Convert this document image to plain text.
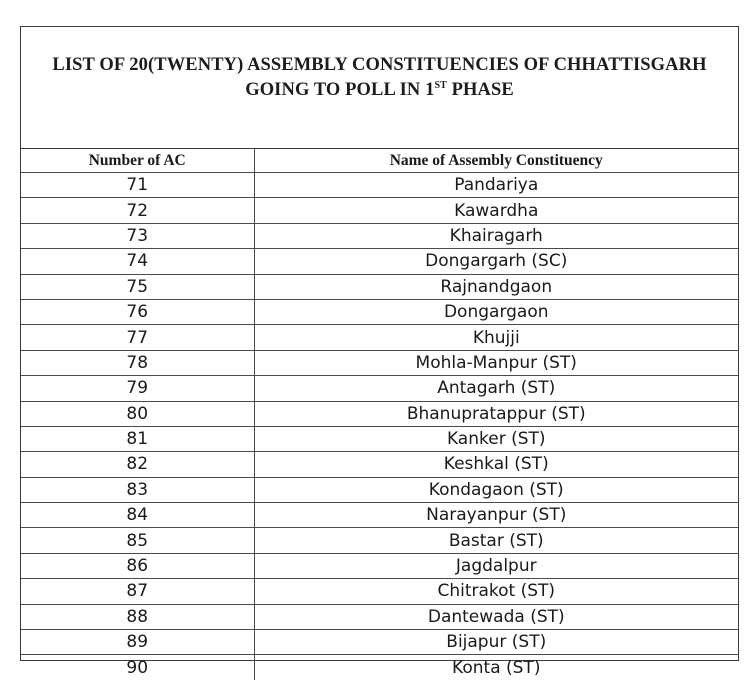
LIST OF 20(TWENTY) ASSEMBLY CONSTITUENCIES OF CHHATTISGARH
GOING TO POLL IN 1ST PHASE
Number of AC	Name of Assembly Constituency
71	Pandariya
72	Kawardha
73	Khairagarh
74	Dongargarh (SC)
75	Rajnandgaon
76	Dongargaon
77	Khujji
78	Mohla-Manpur (ST)
79	Antagarh (ST)
80	Bhanupratappur (ST)
81	Kanker (ST)
82	Keshkal (ST)
83	Kondagaon (ST)
84	Narayanpur (ST)
85	Bastar (ST)
86	Jagdalpur
87	Chitrakot (ST)
88	Dantewada (ST)
89	Bijapur (ST)
90	Konta (ST)
